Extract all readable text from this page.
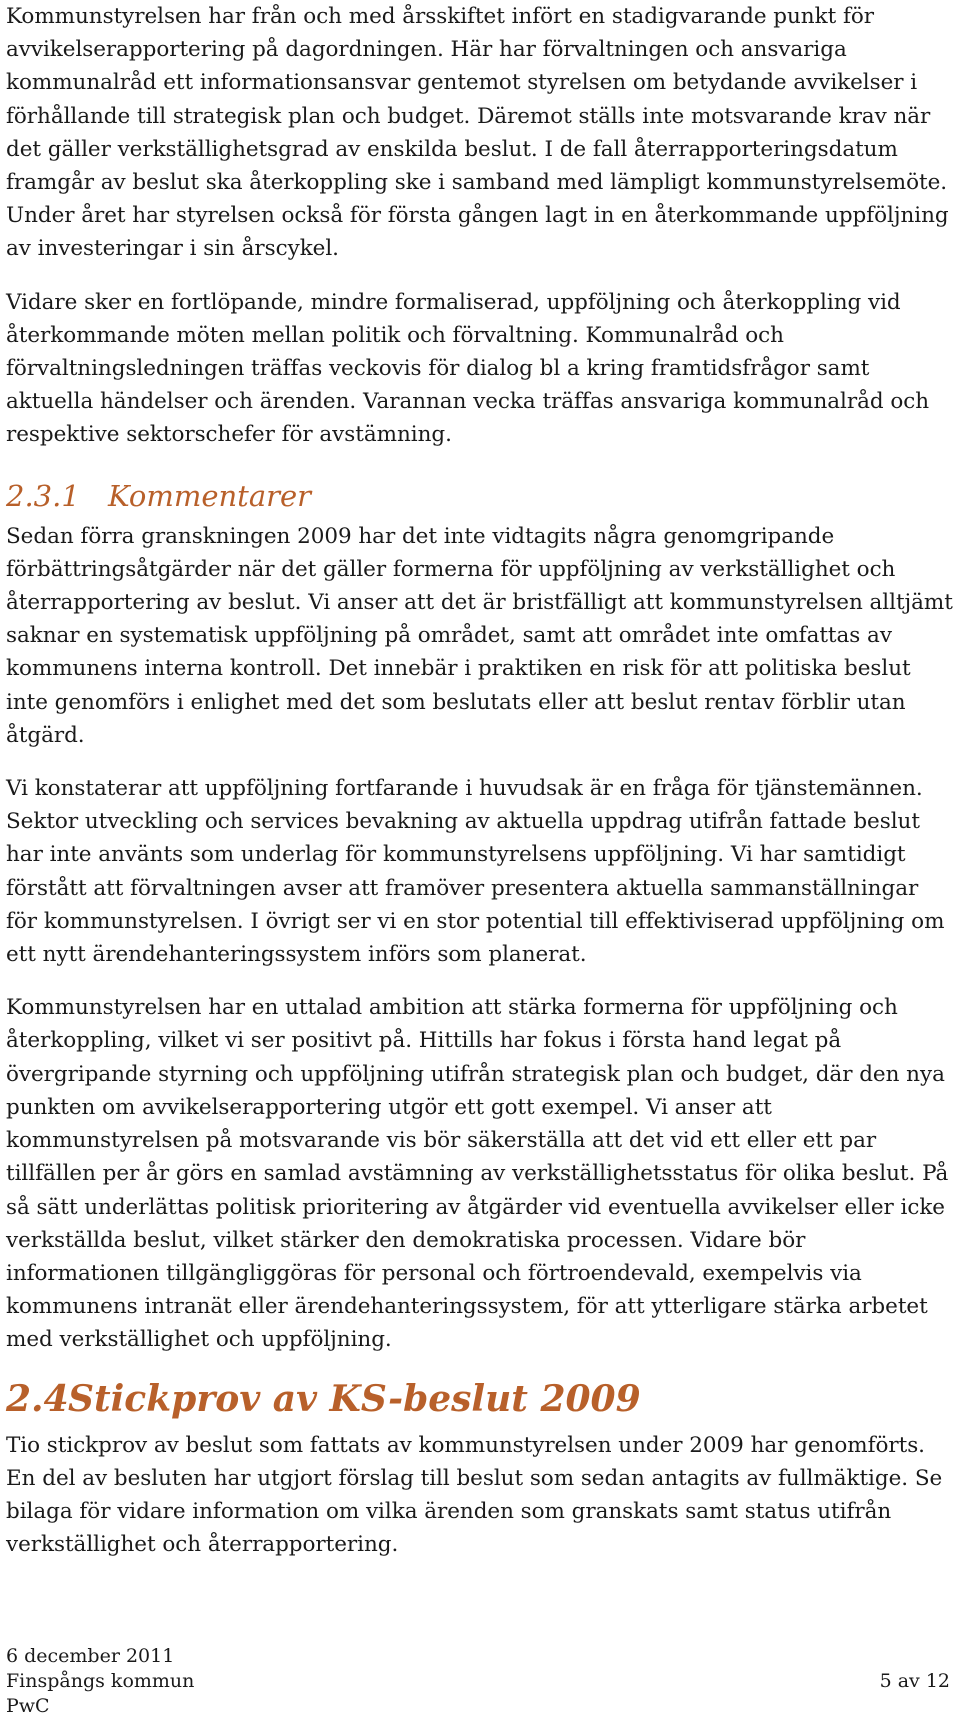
Kommunstyrelsen har från och med årsskiftet infört en stadigvarande punkt för avvikelserapportering på dagordningen. Här har förvaltningen och ansvariga kommunalråd ett informationsansvar gentemot styrelsen om betydande avvikelser i förhållande till strategisk plan och budget. Däremot ställs inte motsvarande krav när det gäller verkställighetsgrad av enskilda beslut. I de fall återrapporteringsdatum framgår av beslut ska återkoppling ske i samband med lämpligt kommunstyrelsemöte. Under året har styrelsen också för första gången lagt in en återkommande uppföljning av investeringar i sin årscykel.

Vidare sker en fortlöpande, mindre formaliserad, uppföljning och återkoppling vid återkommande möten mellan politik och förvaltning. Kommunalråd och förvaltningsledningen träffas veckovis för dialog bl a kring framtidsfrågor samt aktuella händelser och ärenden. Varannan vecka träffas ansvariga kommunalråd och respektive sektorschefer för avstämning.

2.3.1 Kommentarer

Sedan förra granskningen 2009 har det inte vidtagits några genomgripande förbättringsåtgärder när det gäller formerna för uppföljning av verkställighet och återrapportering av beslut. Vi anser att det är bristfälligt att kommunstyrelsen alltjämt saknar en systematisk uppföljning på området, samt att området inte omfattas av kommunens interna kontroll. Det innebär i praktiken en risk för att politiska beslut inte genomförs i enlighet med det som beslutats eller att beslut rentav förblir utan åtgärd.

Vi konstaterar att uppföljning fortfarande i huvudsak är en fråga för tjänstemännen. Sektor utveckling och services bevakning av aktuella uppdrag utifrån fattade beslut har inte använts som underlag för kommunstyrelsens uppföljning. Vi har samtidigt förstått att förvaltningen avser att framöver presentera aktuella sammanställningar för kommunstyrelsen. I övrigt ser vi en stor potential till effektiviserad uppföljning om ett nytt ärendehanteringssystem införs som planerat.

Kommunstyrelsen har en uttalad ambition att stärka formerna för uppföljning och återkoppling, vilket vi ser positivt på. Hittills har fokus i första hand legat på övergripande styrning och uppföljning utifrån strategisk plan och budget, där den nya punkten om avvikelserapportering utgör ett gott exempel. Vi anser att kommunstyrelsen på motsvarande vis bör säkerställa att det vid ett eller ett par tillfällen per år görs en samlad avstämning av verkställighetsstatus för olika beslut. På så sätt underlättas politisk prioritering av åtgärder vid eventuella avvikelser eller icke verkställda beslut, vilket stärker den demokratiska processen. Vidare bör informationen tillgängliggöras för personal och förtroendevald, exempelvis via kommunens intranät eller ärendehanteringssystem, för att ytterligare stärka arbetet med verkställighet och uppföljning.

2.4Stickprov av KS-beslut 2009

Tio stickprov av beslut som fattats av kommunstyrelsen under 2009 har genomförts. En del av besluten har utgjort förslag till beslut som sedan antagits av fullmäktige. Se bilaga för vidare information om vilka ärenden som granskats samt status utifrån verkställighet och återrapportering.

6 december 2011
Finspångs kommun
PwC
5 av 12
